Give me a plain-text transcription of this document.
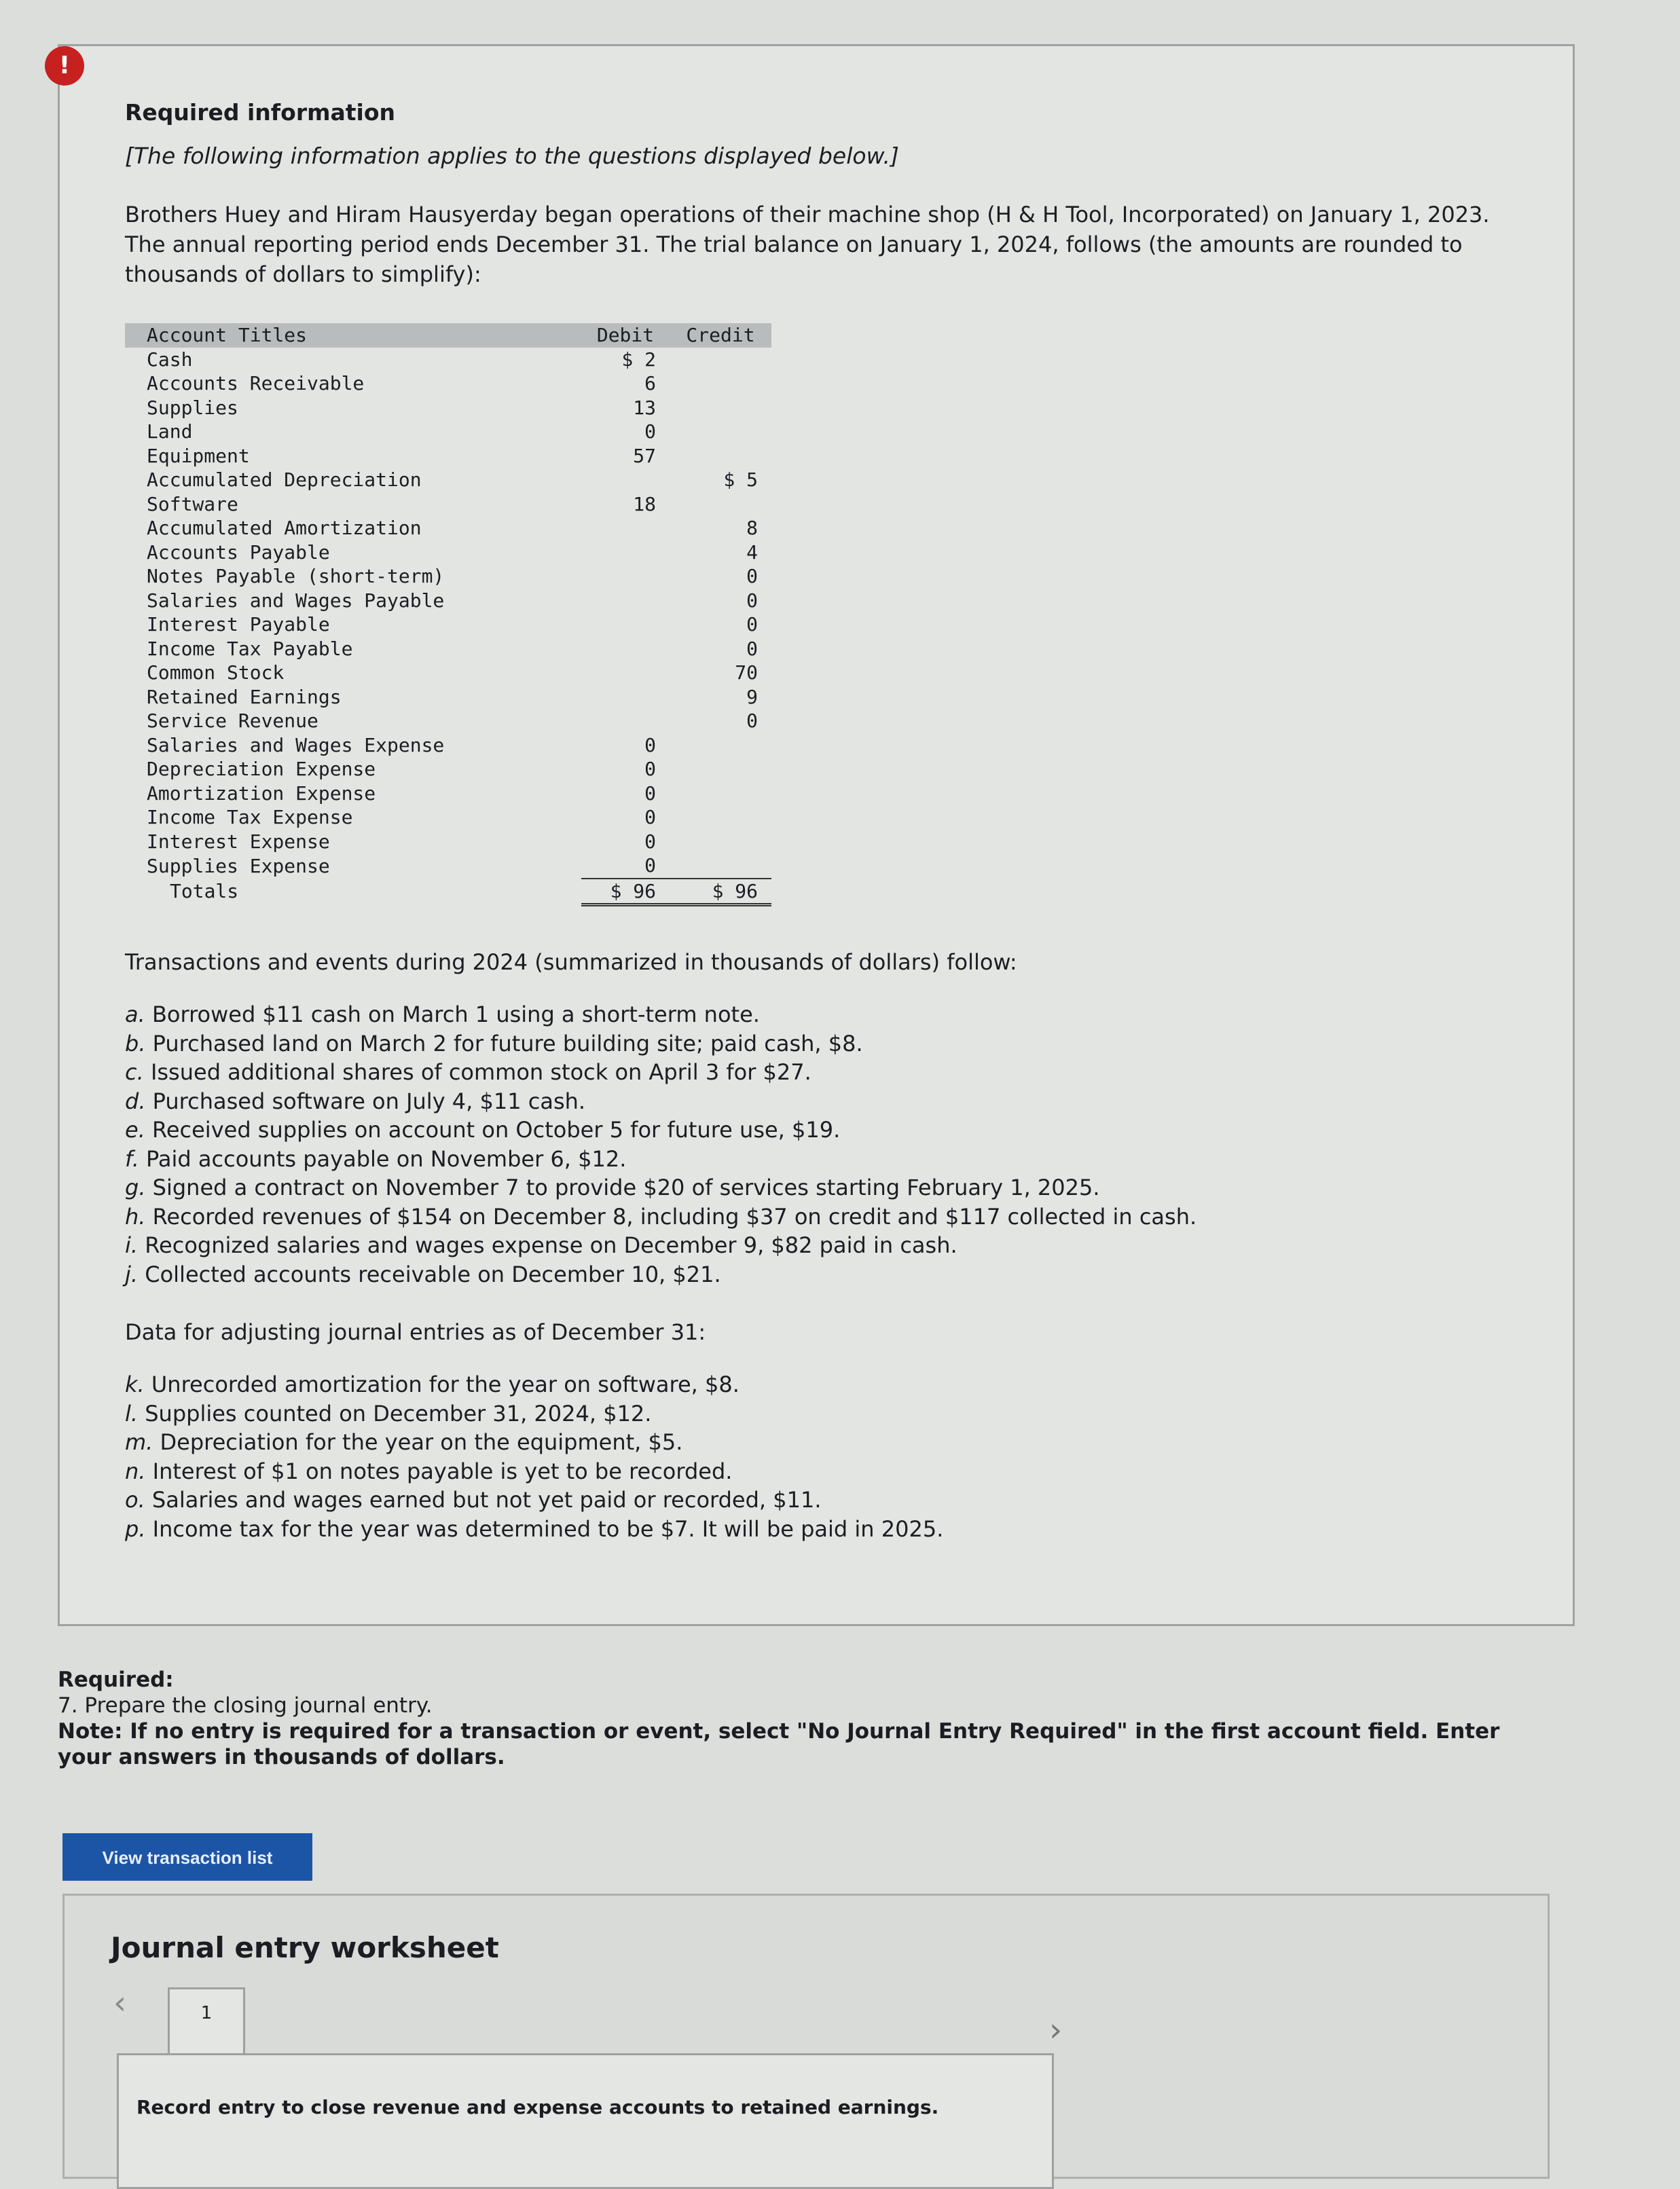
Required information
[The following information applies to the questions displayed below.]
Brothers Huey and Hiram Hausyerday began operations of their machine shop (H & H Tool, Incorporated) on January 1, 2023. The annual reporting period ends December 31. The trial balance on January 1, 2024, follows (the amounts are rounded to thousands of dollars to simplify):
Account Titles	Debit	Credit
Cash	$ 2	
Accounts Receivable	6	
Supplies	13	
Land	0	
Equipment	57	
Accumulated Depreciation		$ 5
Software	18	
Accumulated Amortization		8
Accounts Payable		4
Notes Payable (short-term)		0
Salaries and Wages Payable		0
Interest Payable		0
Income Tax Payable		0
Common Stock		70
Retained Earnings		9
Service Revenue		0
Salaries and Wages Expense	0	
Depreciation Expense	0	
Amortization Expense	0	
Income Tax Expense	0	
Interest Expense	0	
Supplies Expense	0	
Totals	$ 96	$ 96
Transactions and events during 2024 (summarized in thousands of dollars) follow:
a. Borrowed $11 cash on March 1 using a short-term note.
b. Purchased land on March 2 for future building site; paid cash, $8.
c. Issued additional shares of common stock on April 3 for $27.
d. Purchased software on July 4, $11 cash.
e. Received supplies on account on October 5 for future use, $19.
f. Paid accounts payable on November 6, $12.
g. Signed a contract on November 7 to provide $20 of services starting February 1, 2025.
h. Recorded revenues of $154 on December 8, including $37 on credit and $117 collected in cash.
i. Recognized salaries and wages expense on December 9, $82 paid in cash.
j. Collected accounts receivable on December 10, $21.
Data for adjusting journal entries as of December 31:
k. Unrecorded amortization for the year on software, $8.
l. Supplies counted on December 31, 2024, $12.
m. Depreciation for the year on the equipment, $5.
n. Interest of $1 on notes payable is yet to be recorded.
o. Salaries and wages earned but not yet paid or recorded, $11.
p. Income tax for the year was determined to be $7. It will be paid in 2025.
!
Required:
7. Prepare the closing journal entry.
Note: If no entry is required for a transaction or event, select "No Journal Entry Required" in the first account field. Enter your answers in thousands of dollars.
View transaction list
Journal entry worksheet
‹	1	›
Record entry to close revenue and expense accounts to retained earnings.
